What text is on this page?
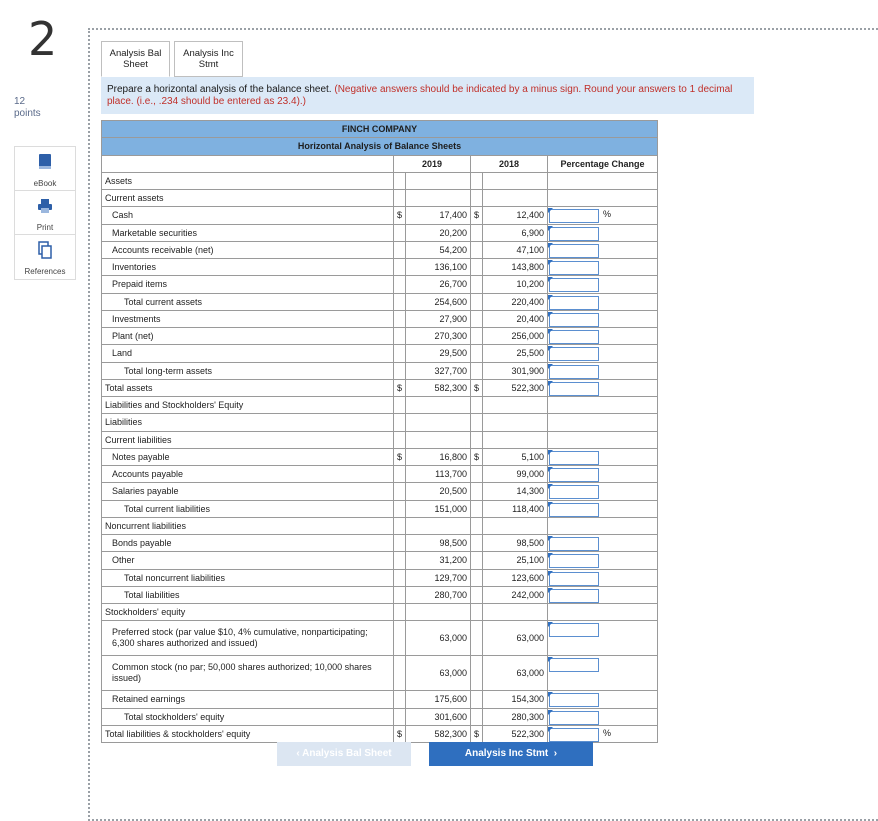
2
12
points
eBook
Print
References
Analysis Bal
Sheet
Analysis Inc
Stmt
Prepare a horizontal analysis of the balance sheet. (Negative answers should be indicated by a minus sign. Round your answers to 1 decimal place. (i.e., .234 should be entered as 23.4).)
FINCH COMPANY					
Horizontal Analysis of Balance Sheets					
	2019		2018		Percentage Change
Assets					
Current assets					
Cash	$	17,400	$	12,400	%

Marketable securities		20,200		6,900	

Accounts receivable (net)		54,200		47,100	

Inventories		136,100		143,800	

Prepaid items		26,700		10,200	

Total current assets		254,600		220,400	

Investments		27,900		20,400	

Plant (net)		270,300		256,000	

Land		29,500		25,500	

Total long-term assets		327,700		301,900	

Total assets	$	582,300	$	522,300	

Liabilities and Stockholders' Equity					
Liabilities					
Current liabilities					
Notes payable	$	16,800	$	5,100	

Accounts payable		113,700		99,000	

Salaries payable		20,500		14,300	

Total current liabilities		151,000		118,400	

Noncurrent liabilities					
Bonds payable		98,500		98,500	

Other		31,200		25,100	

Total noncurrent liabilities		129,700		123,600	

Total liabilities		280,700		242,000	

Stockholders' equity					
Preferred stock (par value $10, 4% cumulative, nonparticipating; 6,300 shares authorized and issued)		63,000		63,000	

Common stock (no par; 50,000 shares authorized; 10,000 shares issued)		63,000		63,000	

Retained earnings		175,600		154,300	

Total stockholders' equity		301,600		280,300	

Total liabilities & stockholders' equity	$	582,300	$	522,300	%
‹ Analysis Bal Sheet	Analysis Inc Stmt  ›
